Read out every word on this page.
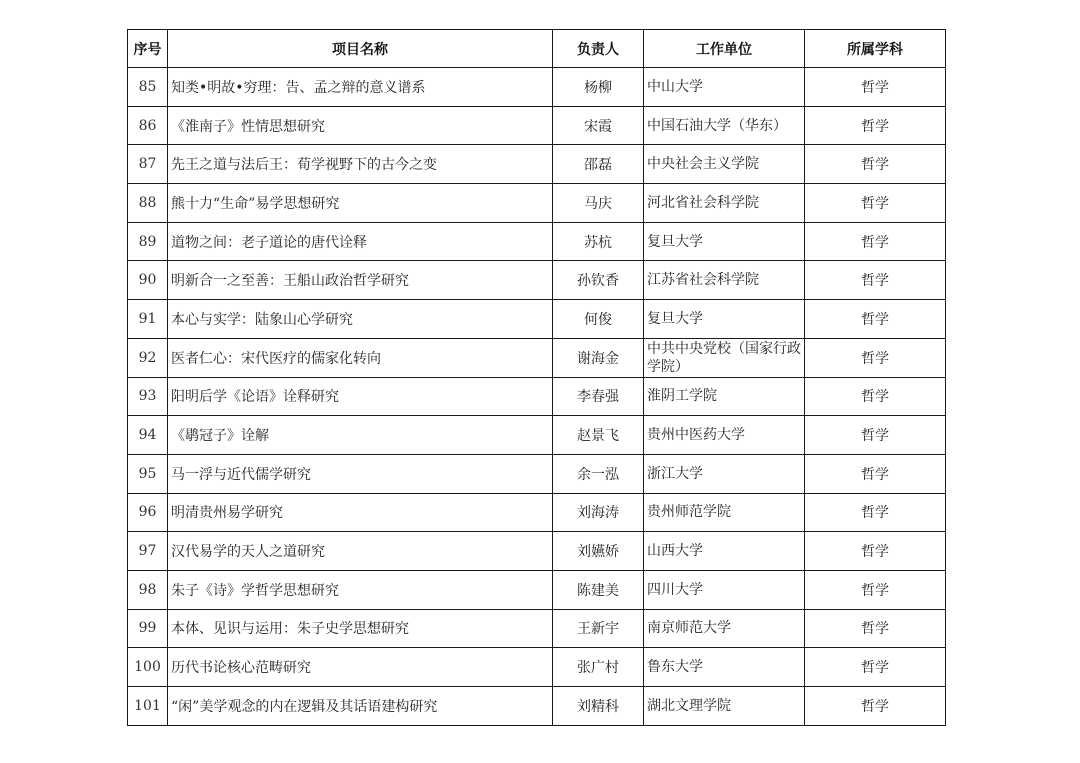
序号	项目名称	负责人	工作单位	所属学科
85	知类•明故•穷理：告、孟之辩的意义谱系	杨柳	中山大学	哲学
86	《淮南子》性情思想研究	宋霞	中国石油大学（华东）	哲学
87	先王之道与法后王：荀学视野下的古今之变	邵磊	中央社会主义学院	哲学
88	熊十力“生命”易学思想研究	马庆	河北省社会科学院	哲学
89	道物之间：老子道论的唐代诠释	苏杭	复旦大学	哲学
90	明新合一之至善：王船山政治哲学研究	孙钦香	江苏省社会科学院	哲学
91	本心与实学：陆象山心学研究	何俊	复旦大学	哲学
92	医者仁心：宋代医疗的儒家化转向	谢海金	中共中央党校（国家行政学院）	哲学
93	阳明后学《论语》诠释研究	李春强	淮阴工学院	哲学
94	《鹖冠子》诠解	赵景飞	贵州中医药大学	哲学
95	马一浮与近代儒学研究	余一泓	浙江大学	哲学
96	明清贵州易学研究	刘海涛	贵州师范学院	哲学
97	汉代易学的天人之道研究	刘嬿娇	山西大学	哲学
98	朱子《诗》学哲学思想研究	陈建美	四川大学	哲学
99	本体、见识与运用：朱子史学思想研究	王新宇	南京师范大学	哲学
100	历代书论核心范畴研究	张广村	鲁东大学	哲学
101	“闲”美学观念的内在逻辑及其话语建构研究	刘精科	湖北文理学院	哲学
